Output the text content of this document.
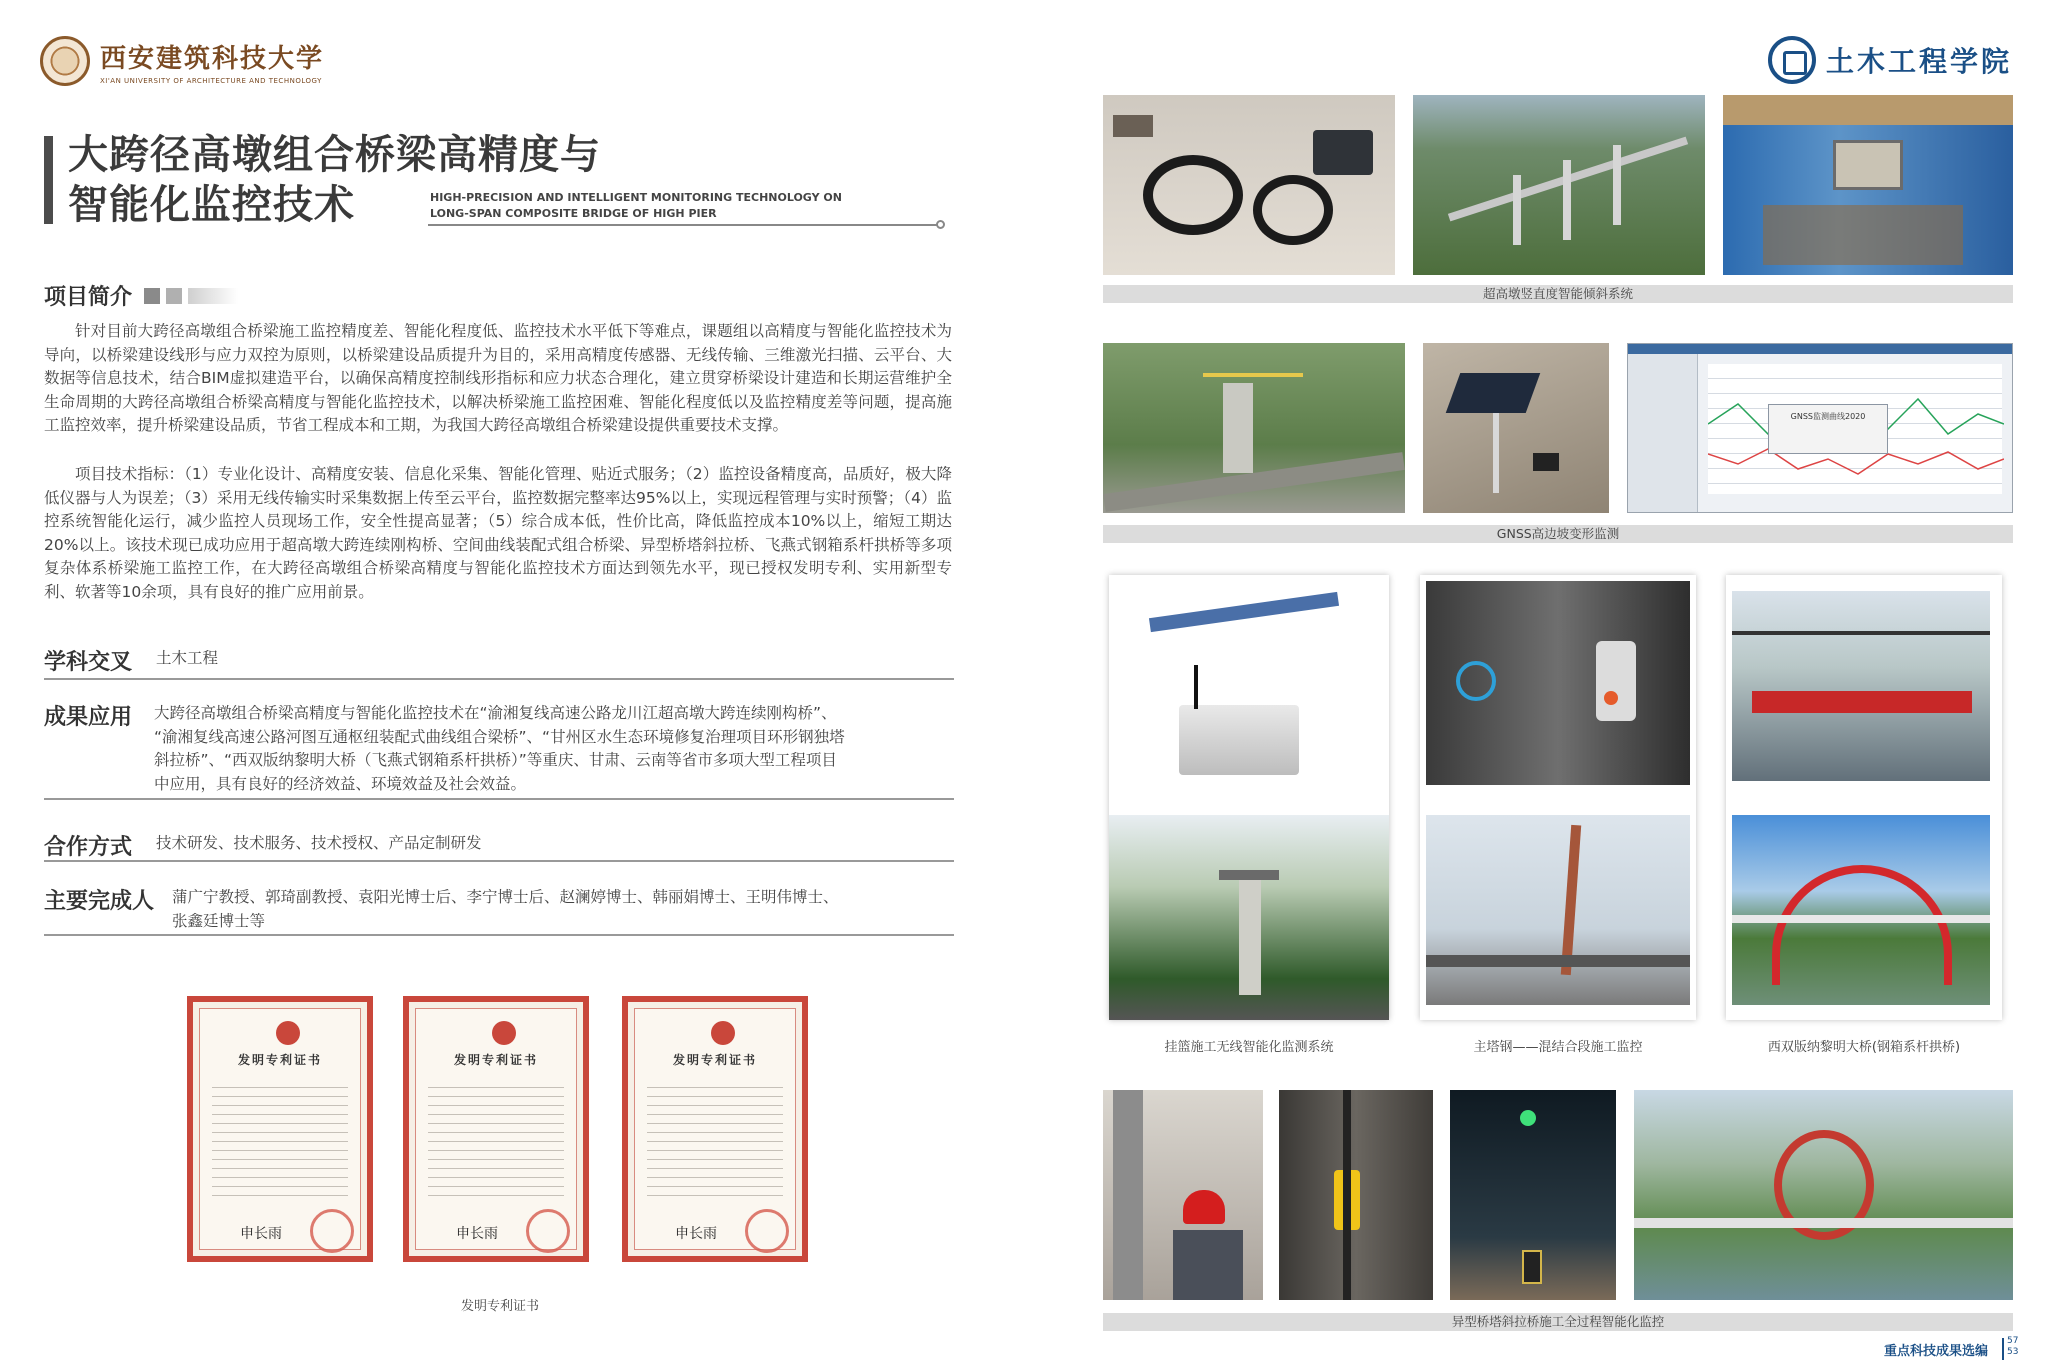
西安建筑科技大学
XI'AN UNIVERSITY OF ARCHITECTURE AND TECHNOLOGY
土木工程学院
大跨径高墩组合桥梁高精度与
智能化监控技术	HIGH-PRECISION AND INTELLIGENT MONITORING TECHNOLOGY ON
LONG-SPAN COMPOSITE BRIDGE OF HIGH PIER
项目简介
针对目前大跨径高墩组合桥梁施工监控精度差、智能化程度低、监控技术水平低下等难点，课题组以高精度与智能化监控技术为导向，以桥梁建设线形与应力双控为原则，以桥梁建设品质提升为目的，采用高精度传感器、无线传输、三维激光扫描、云平台、大数据等信息技术，结合BIM虚拟建造平台，以确保高精度控制线形指标和应力状态合理化，建立贯穿桥梁设计建造和长期运营维护全生命周期的大跨径高墩组合桥梁高精度与智能化监控技术，以解决桥梁施工监控困难、智能化程度低以及监控精度差等问题，提高施工监控效率，提升桥梁建设品质，节省工程成本和工期，为我国大跨径高墩组合桥梁建设提供重要技术支撑。
项目技术指标：（1）专业化设计、高精度安装、信息化采集、智能化管理、贴近式服务；（2）监控设备精度高，品质好，极大降低仪器与人为误差；（3）采用无线传输实时采集数据上传至云平台，监控数据完整率达95%以上，实现远程管理与实时预警；（4）监控系统智能化运行，减少监控人员现场工作，安全性提高显著；（5）综合成本低，性价比高，降低监控成本10%以上，缩短工期达20%以上。该技术现已成功应用于超高墩大跨连续刚构桥、空间曲线装配式组合桥梁、异型桥塔斜拉桥、飞燕式钢箱系杆拱桥等多项复杂体系桥梁施工监控工作，在大跨径高墩组合桥梁高精度与智能化监控技术方面达到领先水平，现已授权发明专利、实用新型专利、软著等10余项，具有良好的推广应用前景。
学科交叉 土木工程
成果应用 大跨径高墩组合桥梁高精度与智能化监控技术在“渝湘复线高速公路龙川江超高墩大跨连续刚构桥”、
“渝湘复线高速公路河图互通枢纽装配式曲线组合梁桥”、“甘州区水生态环境修复治理项目环形钢独塔
斜拉桥”、“西双版纳黎明大桥（飞燕式钢箱系杆拱桥）”等重庆、甘肃、云南等省市多项大型工程项目
中应用，具有良好的经济效益、环境效益及社会效益。
合作方式 技术研发、技术服务、技术授权、产品定制研发
主要完成人 蒲广宁教授、郭琦副教授、袁阳光博士后、李宁博士后、赵澜婷博士、韩丽娟博士、王明伟博士、
张鑫廷博士等
发明专利证书
申长雨
发明专利证书
申长雨
发明专利证书
申长雨
发明专利证书
超高墩竖直度智能倾斜系统
GNSS监测曲线2020
GNSS高边坡变形监测
挂篮施工无线智能化监测系统	主塔钢——混结合段施工监控	西双版纳黎明大桥(钢箱系杆拱桥)
异型桥塔斜拉桥施工全过程智能化监控
重点科技成果选编
57
53
